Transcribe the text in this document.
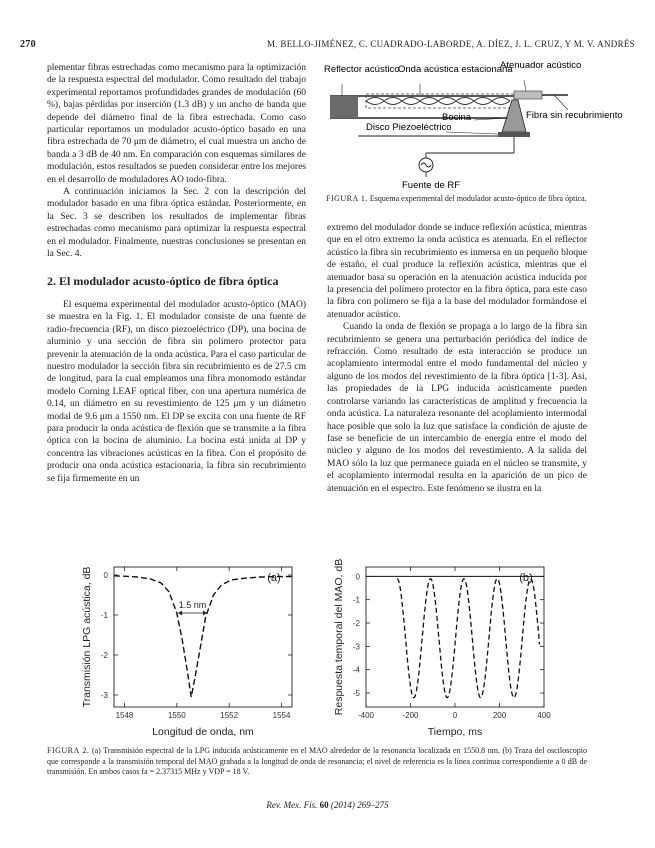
270	M. BELLO-JIMÉNEZ, C. CUADRADO-LABORDE, A. DÍEZ, J. L. CRUZ, Y M. V. ANDRÉS

plementar fibras estrechadas como mecanismo para la optimización de la respuesta espectral del modulador. Como resultado del trabajo experimental reportamos profundidades grandes de modulación (60 %), bajas pérdidas por inserción (1.3 dB) y un ancho de banda que depende del diámetro final de la fibra estrechada. Como caso particular reportamos un modulador acusto-óptico basado en una fibra estrechada de 70 μm de diámetro, el cual muestra un ancho de banda a 3 dB de 40 nm. En comparación con esquemas similares de modulación, estos resultados se pueden considerar entre los mejores en el desarrollo de moduladores AO todo-fibra.

A continuación iniciamos la Sec. 2 con la descripción del modulador basado en una fibra óptica estándar. Posteriormente, en la Sec. 3 se describen los resultados de implementar fibras estrechadas como mecanismo para optimizar la respuesta espectral en el modulador. Finalmente, nuestras conclusiones se presentan en la Sec. 4.

2. El modulador acusto-óptico de fibra óptica

El esquema experimental del modulador acusto-óptico (MAO) se muestra en la Fig. 1. El modulador consiste de una fuente de radio-frecuencia (RF), un disco piezoeléctrico (DP), una bocina de aluminio y una sección de fibra sin polímero protector para prevenir la atenuación de la onda acústica. Para el caso particular de nuestro modulador la sección fibra sin recubrimiento es de 27.5 cm de longitud, para la cual empleamos una fibra monomodo estándar modelo Corning LEAF optical fiber, con una apertura numérica de 0.14, un diámetro en su revestimiento de 125 μm y un diámetro modal de 9.6 μm a 1550 nm. El DP se excita con una fuente de RF para producir la onda acústica de flexión que se transmite a la fibra óptica con la bocina de aluminio. La bocina está unida al DP y concentra las vibraciones acústicas en la fibra. Con el propósito de producir una onda acústica estacionaria, la fibra sin recubrimiento se fija firmemente en un

Reflector acústico
Onda acústica estacionaria
Atenuador acústico
Fibra sin recubrimiento
Bocina
Disco Piezoeléctrico
Fuente de RF
FIGURA 1. Esquema experimental del modulador acusto-óptico de fibra óptica.

extremo del modulador donde se induce reflexión acústica, mientras que en el otro extremo la onda acústica es atenuada. En el reflector acústico la fibra sin recubrimiento es inmersa en un pequeño bloque de estaño, el cual produce la reflexión acústica, mientras que el atenuador basa su operación en la atenuación acústica inducida por la presencia del polímero protector en la fibra óptica, para este caso la fibra con polímero se fija a la base del modulador formándose el atenuador acústico.

Cuando la onda de flexión se propaga a lo largo de la fibra sin recubrimiento se genera una perturbación periódica del índice de refracción. Como resultado de esta interacción se produce un acoplamiento intermodal entre el modo fundamental del núcleo y alguno de los modos del revestimiento de la fibra óptica [1-3]. Así, las propiedades de la LPG inducida acústicamente pueden controlarse variando las características de amplitud y frecuencia la onda acústica. La naturaleza resonante del acoplamiento intermodal hace posible que solo la luz que satisface la condición de ajuste de fase se beneficie de un intercambio de energía entre el modo del núcleo y alguno de los modos del revestimiento. A la salida del MAO sólo la luz que permanece guiada en el núcleo se transmite, y el acoplamiento intermodal resulta en la aparición de un pico de atenuación en el espectro. Este fenómeno se ilustra en la

1548	1550	1552	1554
0
-1
-2
-3
Longitud de onda, nm
Transmisión LPG acústica, dB	(a)
1.5 nm
-400	-200	0	200	400
0
-1
-2
-3
-4
-5
Tiempo, ms
Respuesta temporal del MAO, dB	(b)
FIGURA 2. (a) Transmisión espectral de la LPG inducida acústicamente en el MAO alrededor de la resonancia localizada en 1550.8 nm. (b) Traza del osciloscopio que corresponde a la transmisión temporal del MAO grabada a la longitud de onda de resonancia; el nivel de referencia es la línea continua correspondiente a 0 dB de transmisión. En ambos casos fa = 2.37315 MHz y VDP = 18 V.
Rev. Mex. Fís. 60 (2014) 269–275
